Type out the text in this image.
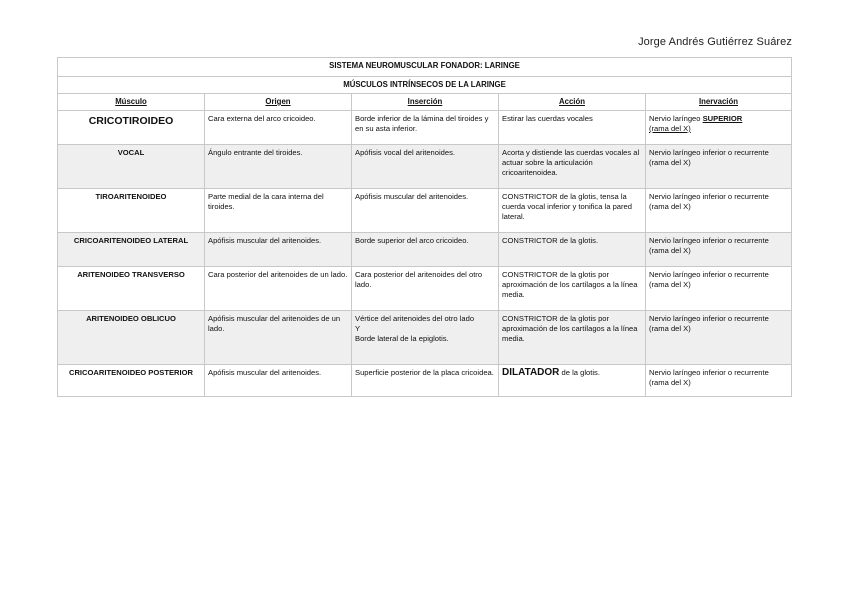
Jorge Andrés Gutiérrez Suárez
SISTEMA NEUROMUSCULAR FONADOR: LARINGE				
MÚSCULOS INTRÍNSECOS DE LA LARINGE				
Músculo	Origen	Inserción	Acción	Inervación
CRICOTIROIDEO	Cara externa del arco cricoideo.	Borde inferior de la lámina del tiroides y en su asta inferior.	Estirar las cuerdas vocales	Nervio laríngeo SUPERIOR
(rama del X)
VOCAL	Ángulo entrante del tiroides.	Apófisis vocal del aritenoides.	Acorta y distiende las cuerdas vocales al actuar sobre la articulación cricoaritenoidea.	Nervio laríngeo inferior o recurrente (rama del X)
TIROARITENOIDEO	Parte medial de la cara interna del tiroides.	Apófisis muscular del aritenoides.	CONSTRICTOR de la glotis, tensa la cuerda vocal inferior y tonifica la pared lateral.	Nervio laríngeo inferior o recurrente (rama del X)
CRICOARITENOIDEO LATERAL	Apófisis muscular del aritenoides.	Borde superior del arco cricoideo.	CONSTRICTOR de la glotis.	Nervio laríngeo inferior o recurrente (rama del X)
ARITENOIDEO TRANSVERSO	Cara posterior del aritenoides de un lado.	Cara posterior del aritenoides del otro lado.	CONSTRICTOR de la glotis por aproximación de los cartílagos a la línea media.	Nervio laríngeo inferior o recurrente (rama del X)
ARITENOIDEO OBLICUO	Apófisis muscular del aritenoides de un lado.	Vértice del aritenoides del otro lado
Y
Borde lateral de la epiglotis.	CONSTRICTOR de la glotis por aproximación de los cartílagos a la línea media.	Nervio laríngeo inferior o recurrente (rama del X)
CRICOARITENOIDEO POSTERIOR	Apófisis muscular del aritenoides.	Superficie posterior de la placa cricoidea.	DILATADOR de la glotis.	Nervio laríngeo inferior o recurrente (rama del X)
